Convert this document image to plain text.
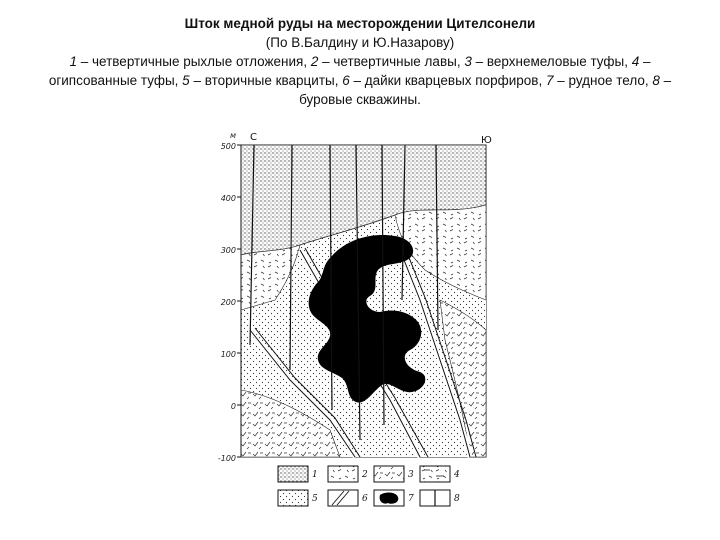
Шток медной руды на месторождении Цителсонели
(По В.Балдину и Ю.Назарову)
1 – четвертичные рыхлые отложения, 2 – четвертичные лавы, 3 – верхнемеловые туфы, 4 – огипсованные туфы, 5 – вторичные кварциты, 6 – дайки кварцевых порфиров, 7 – рудное тело, 8 – буровые скважины.
м
500
400
300
200
100
0
-100
С	Ю
1	2	3	4
5	6	7	8
